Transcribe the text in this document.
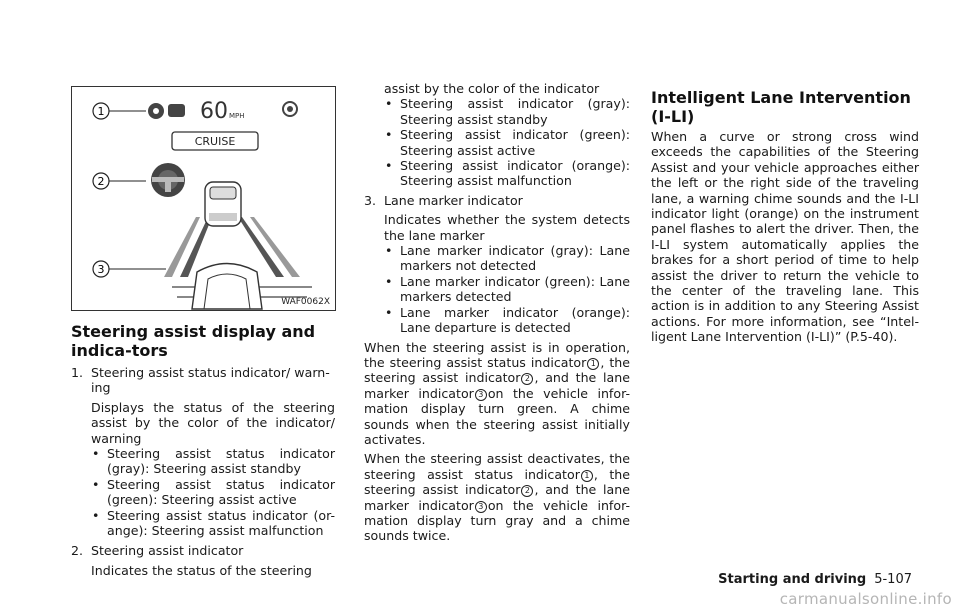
1
2
3
60 MPH
CRUISE
WAF0062X

Steering assist display and indica-tors

1. Steering assist status indicator/ warn-ing

Displays the status of the steering assist by the color of the indicator/ warning

• Steering assist status indicator (gray): Steering assist standby
• Steering assist status indicator (green): Steering assist active
• Steering assist status indicator (or-ange): Steering assist malfunction
2. Steering assist indicator

Indicates the status of the steering

assist by the color of the indicator

• Steering assist indicator (gray): Steering assist standby
• Steering assist indicator (green): Steering assist active
• Steering assist indicator (orange): Steering assist malfunction
3. Lane marker indicator

Indicates whether the system detects the lane marker

• Lane marker indicator (gray): Lane markers not detected
• Lane marker indicator (green): Lane markers detected
• Lane marker indicator (orange): Lane departure is detected

When the steering assist is in operation, the steering assist status indicator 1 , the steering assist indicator 2 , and the lane marker indicator 3 on the vehicle infor-mation display turn green. A chime sounds when the steering assist initially activates.

When the steering assist deactivates, the steering assist status indicator 1 , the steering assist indicator 2 , and the lane marker indicator 3 on the vehicle infor-mation display turn gray and a chime sounds twice.

Intelligent Lane Intervention (I-LI)

When a curve or strong cross wind exceeds the capabilities of the Steering Assist and your vehicle approaches either the left or the right side of the traveling lane, a warning chime sounds and the I-LI indicator light (orange) on the instrument panel flashes to alert the driver. Then, the I-LI system automatically applies the brakes for a short period of time to help assist the driver to return the vehicle to the center of the traveling lane. This action is in addition to any Steering Assist actions. For more information, see “Intel-ligent Lane Intervention (I-LI)” (P.5-40).

Starting and driving 5-107
carmanualsonline.info
